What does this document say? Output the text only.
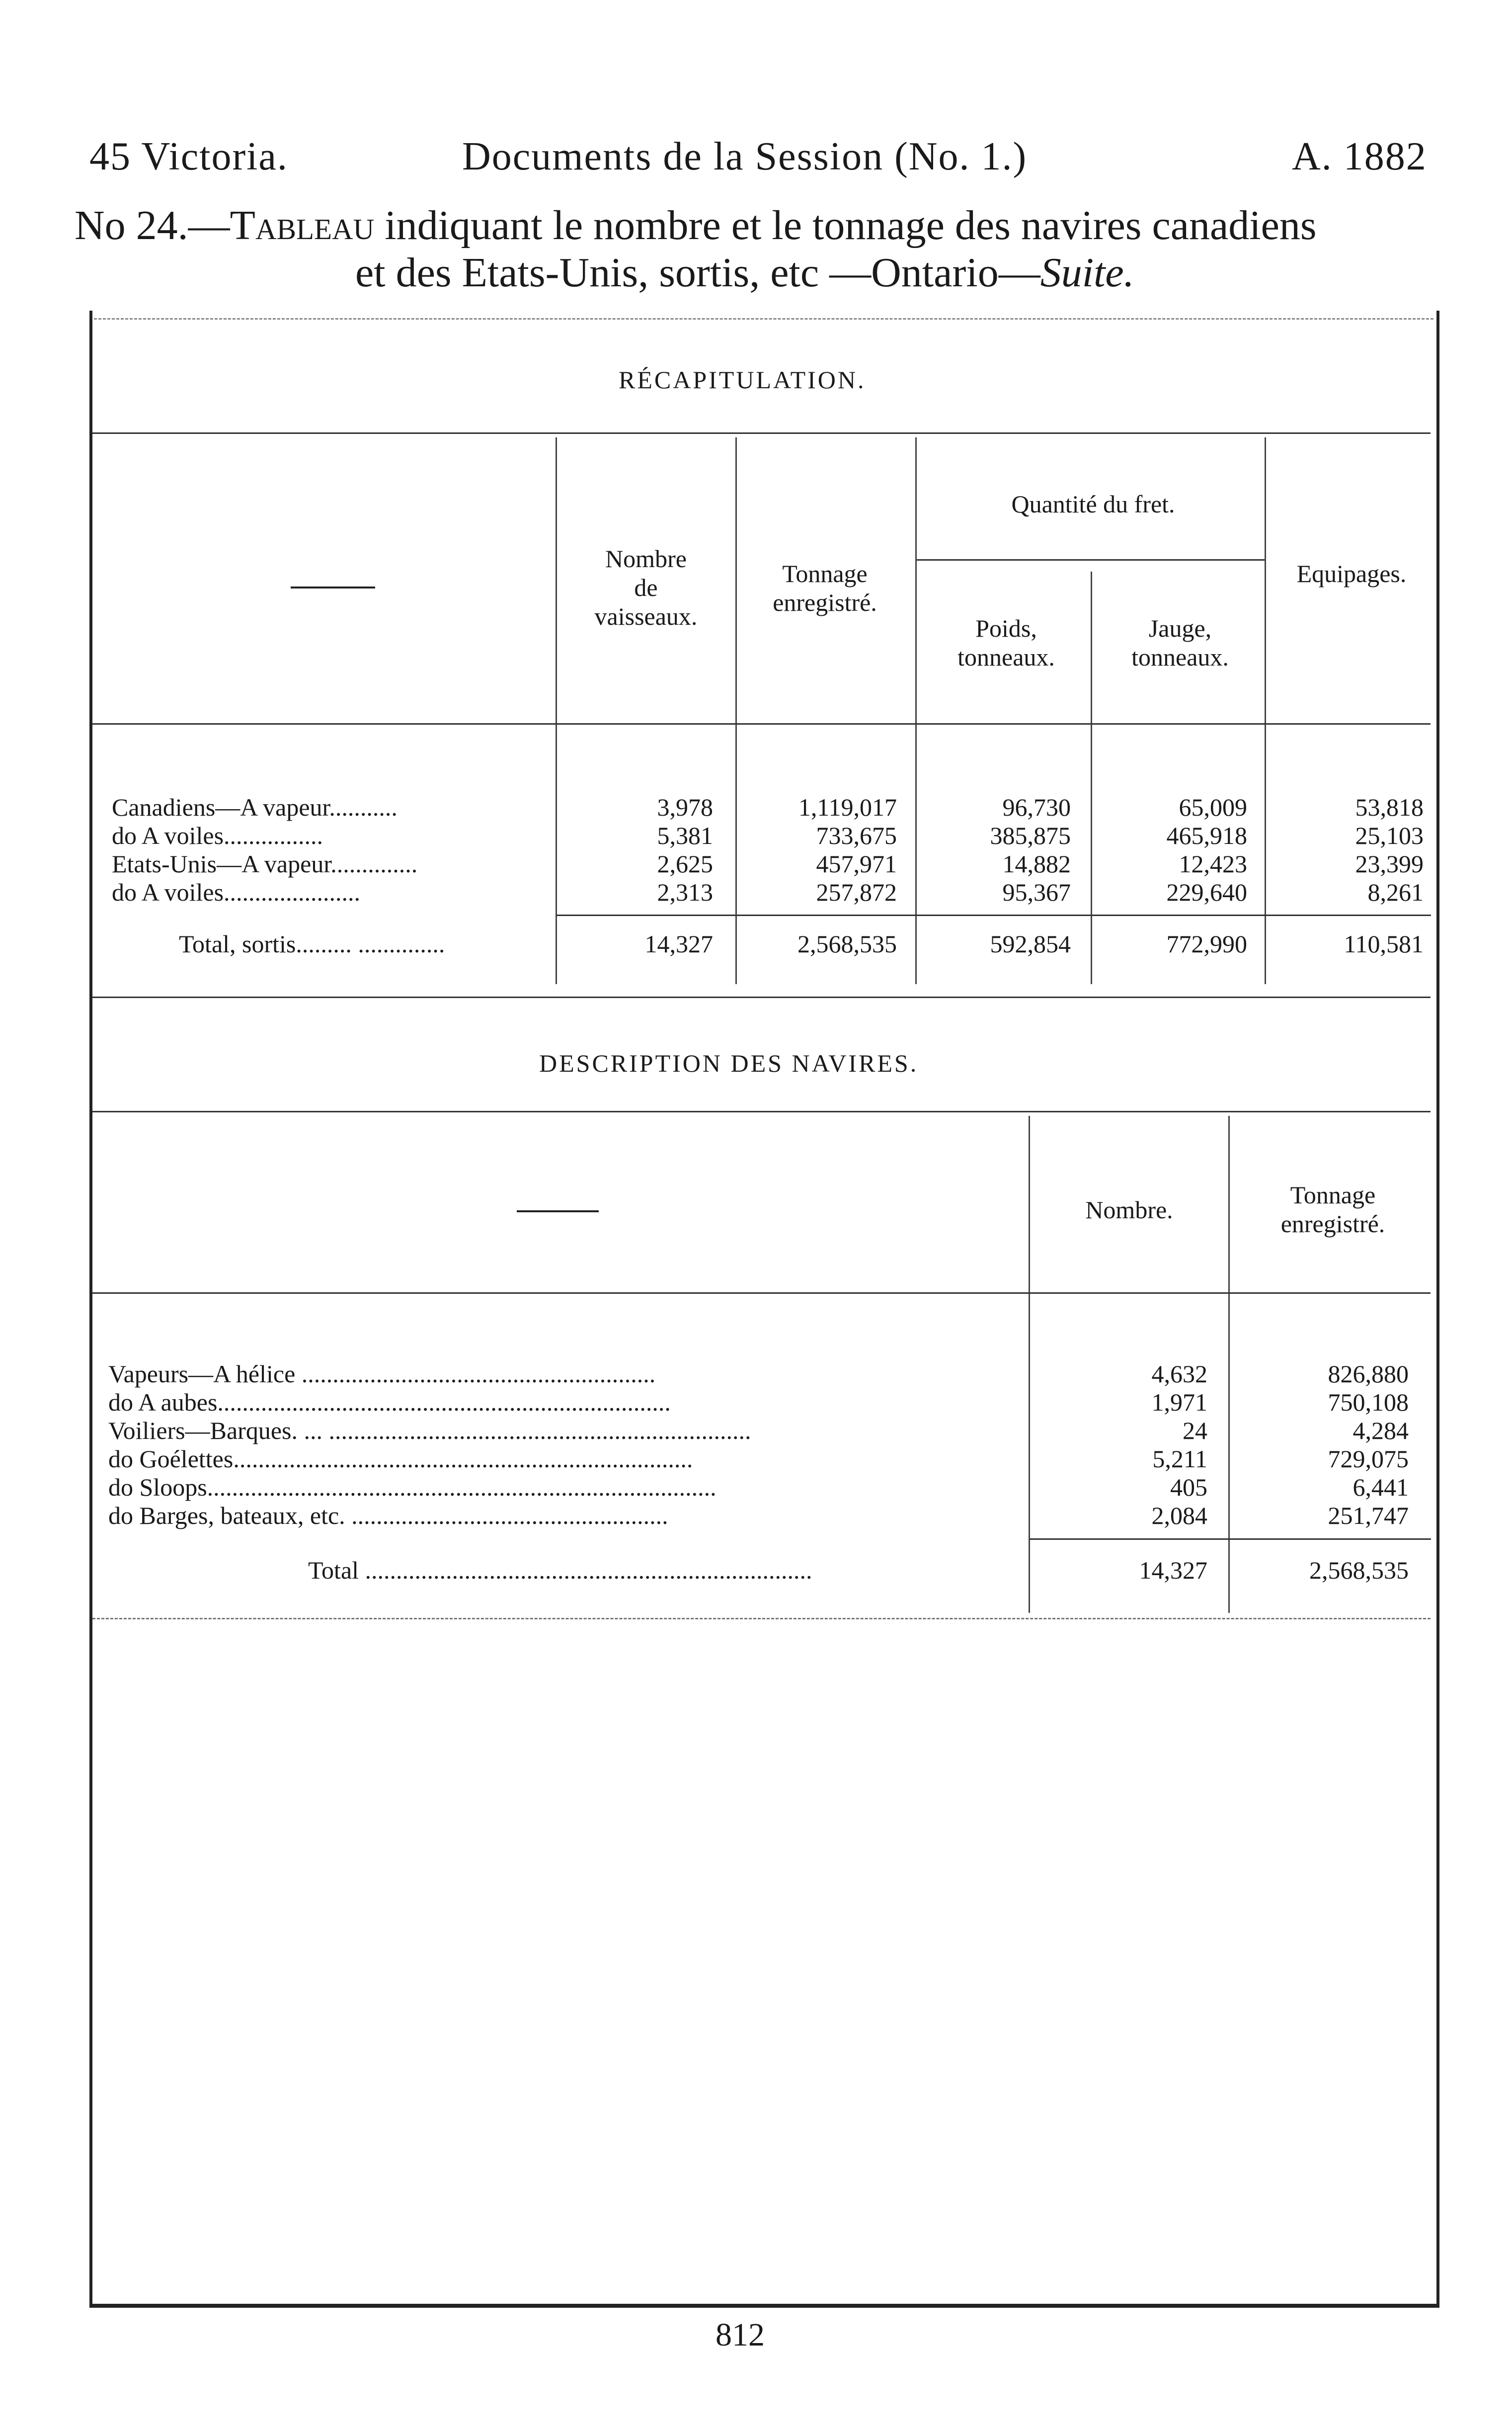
45 Victoria.	Documents de la Session (No. 1.)	A. 1882
No 24.—Tableau indiquant le nombre et le tonnage des navires canadiens
et des Etats-Unis, sortis, etc —Ontario—Suite.
RÉCAPITULATION.
Nombre
de
vaisseaux.
Tonnage
enregistré.
Quantité du fret.
Poids,
tonneaux.
Jauge,
tonneaux.
Equipages.
Canadiens—A vapeur...........	3,978	1,119,017	96,730	65,009	53,818
do A voiles................	5,381	733,675	385,875	465,918	25,103
Etats-Unis—A vapeur..............	2,625	457,971	14,882	12,423	23,399
do A voiles......................	2,313	257,872	95,367	229,640	8,261
Total, sortis......... ..............	14,327	2,568,535	592,854	772,990	110,581
DESCRIPTION DES NAVIRES.
Nombre.
Tonnage
enregistré.
Vapeurs—A hélice .........................................................	4,632	826,880
do A aubes.........................................................................	1,971	750,108
Voiliers—Barques. ... ....................................................................	24	4,284
do Goélettes..........................................................................	5,211	729,075
do Sloops..................................................................................	405	6,441
do Barges, bateaux, etc. ...................................................	2,084	251,747
Total ........................................................................	14,327	2,568,535
812
